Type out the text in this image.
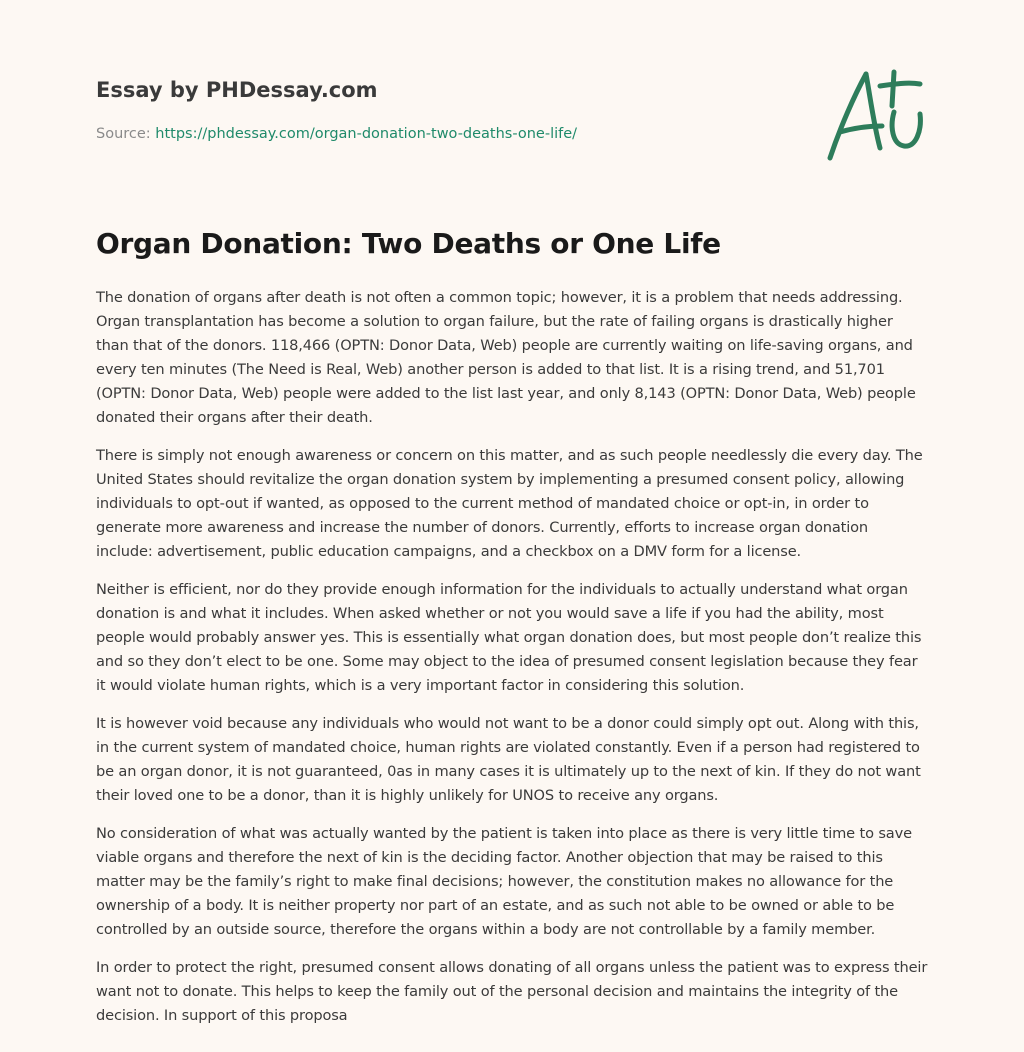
Essay by PHDessay.com
Source: https://phdessay.com/organ-donation-two-deaths-one-life/
Organ Donation: Two Deaths or One Life

The donation of organs after death is not often a common topic; however, it is a problem that needs addressing. Organ transplantation has become a solution to organ failure, but the rate of failing organs is drastically higher than that of the donors. 118,466 (OPTN: Donor Data, Web) people are currently waiting on life-saving organs, and every ten minutes (The Need is Real, Web) another person is added to that list. It is a rising trend, and 51,701 (OPTN: Donor Data, Web) people were added to the list last year, and only 8,143 (OPTN: Donor Data, Web) people donated their organs after their death.

There is simply not enough awareness or concern on this matter, and as such people needlessly die every day. The United States should revitalize the organ donation system by implementing a presumed consent policy, allowing individuals to opt-out if wanted, as opposed to the current method of mandated choice or opt-in, in order to generate more awareness and increase the number of donors. Currently, efforts to increase organ donation include: advertisement, public education campaigns, and a checkbox on a DMV form for a license.

Neither is efficient, nor do they provide enough information for the individuals to actually understand what organ donation is and what it includes. When asked whether or not you would save a life if you had the ability, most people would probably answer yes. This is essentially what organ donation does, but most people don’t realize this and so they don’t elect to be one. Some may object to the idea of presumed consent legislation because they fear it would violate human rights, which is a very important factor in considering this solution.

It is however void because any individuals who would not want to be a donor could simply opt out. Along with this, in the current system of mandated choice, human rights are violated constantly. Even if a person had registered to be an organ donor, it is not guaranteed, 0as in many cases it is ultimately up to the next of kin. If they do not want their loved one to be a donor, than it is highly unlikely for UNOS to receive any organs.

No consideration of what was actually wanted by the patient is taken into place as there is very little time to save viable organs and therefore the next of kin is the deciding factor. Another objection that may be raised to this matter may be the family’s right to make final decisions; however, the constitution makes no allowance for the ownership of a body. It is neither property nor part of an estate, and as such not able to be owned or able to be controlled by an outside source, therefore the organs within a body are not controllable by a family member.

In order to protect the right, presumed consent allows donating of all organs unless the patient was to express their want not to donate. This helps to keep the family out of the personal decision and maintains the integrity of the decision. In support of this proposa
